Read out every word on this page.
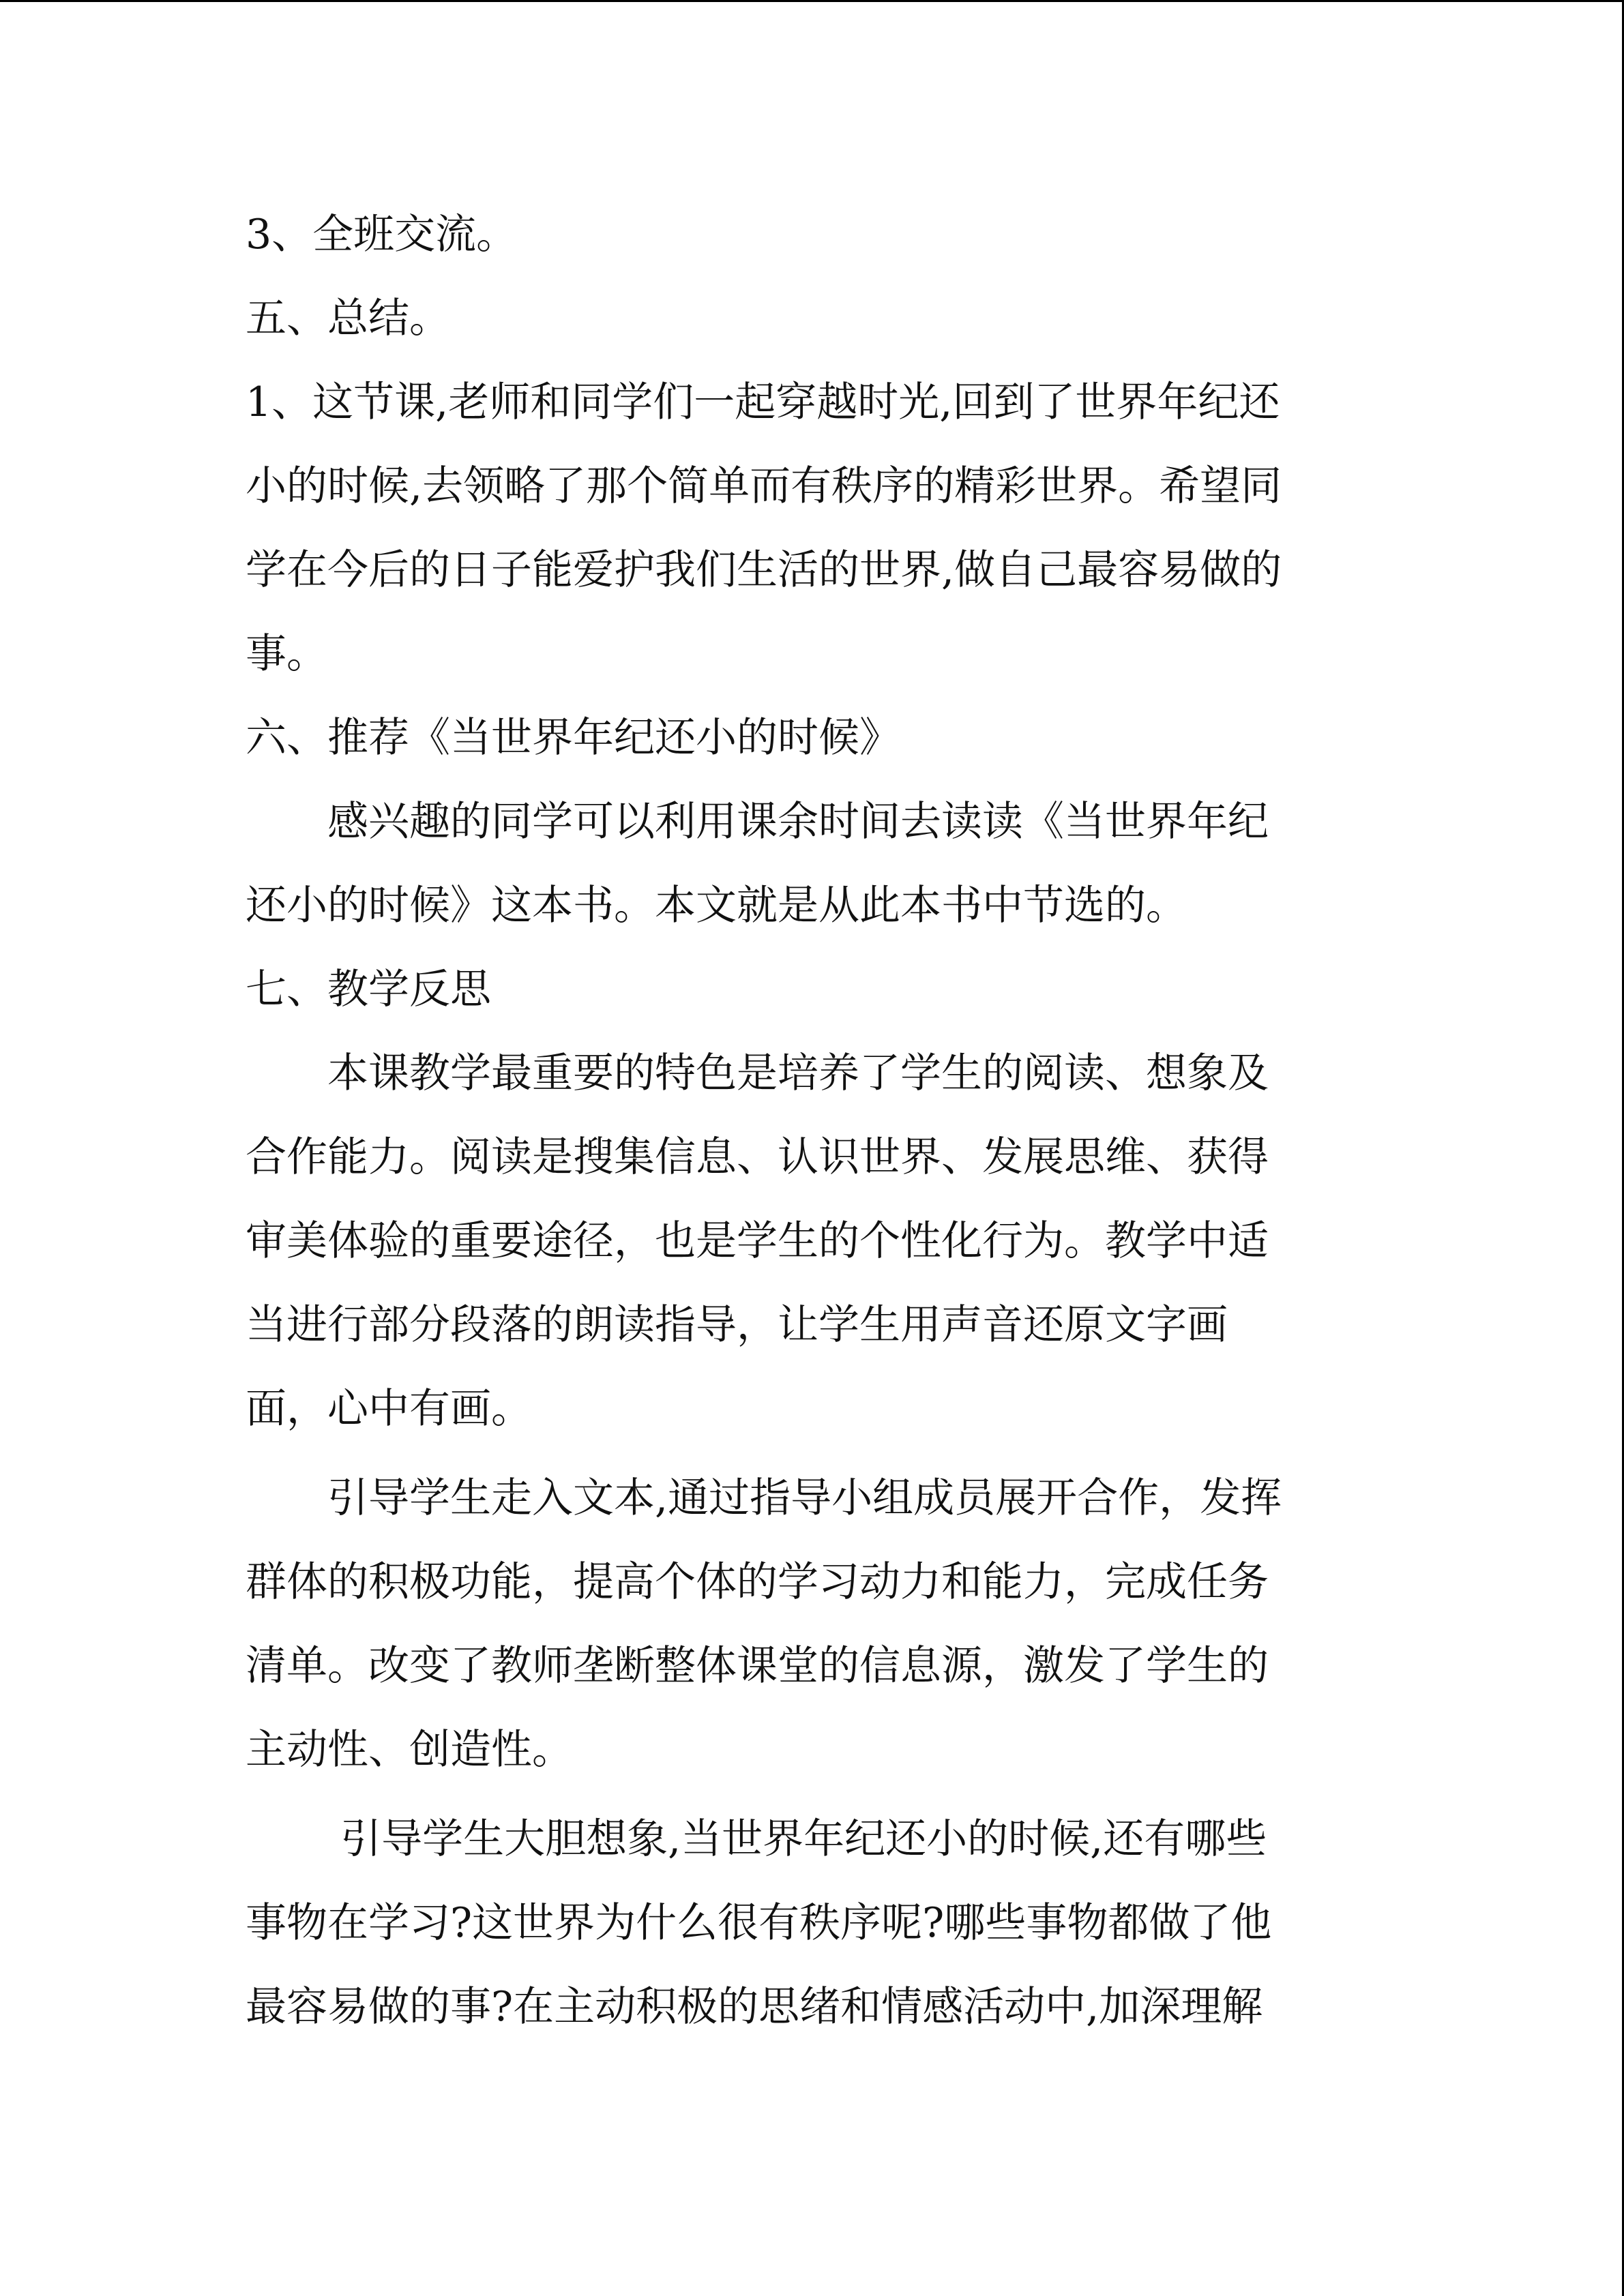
3、全班交流。
五、总结。
1、这节课,老师和同学们一起穿越时光,回到了世界年纪还
小的时候,去领略了那个简单而有秩序的精彩世界。希望同
学在今后的日子能爱护我们生活的世界,做自己最容易做的
事。
六、推荐《当世界年纪还小的时候》
　　感兴趣的同学可以利用课余时间去读读《当世界年纪
还小的时候》这本书。本文就是从此本书中节选的。
七、教学反思
　　本课教学最重要的特色是培养了学生的阅读、想象及
合作能力。阅读是搜集信息、认识世界、发展思维、获得
审美体验的重要途径，也是学生的个性化行为。教学中适
当进行部分段落的朗读指导，让学生用声音还原文字画
面，心中有画。
　　引导学生走入文本,通过指导小组成员展开合作，发挥
群体的积极功能，提高个体的学习动力和能力，完成任务
清单。改变了教师垄断整体课堂的信息源，激发了学生的
主动性、创造性。
　　 引导学生大胆想象,当世界年纪还小的时候,还有哪些
事物在学习?这世界为什么很有秩序呢?哪些事物都做了他
最容易做的事?在主动积极的思绪和情感活动中,加深理解
